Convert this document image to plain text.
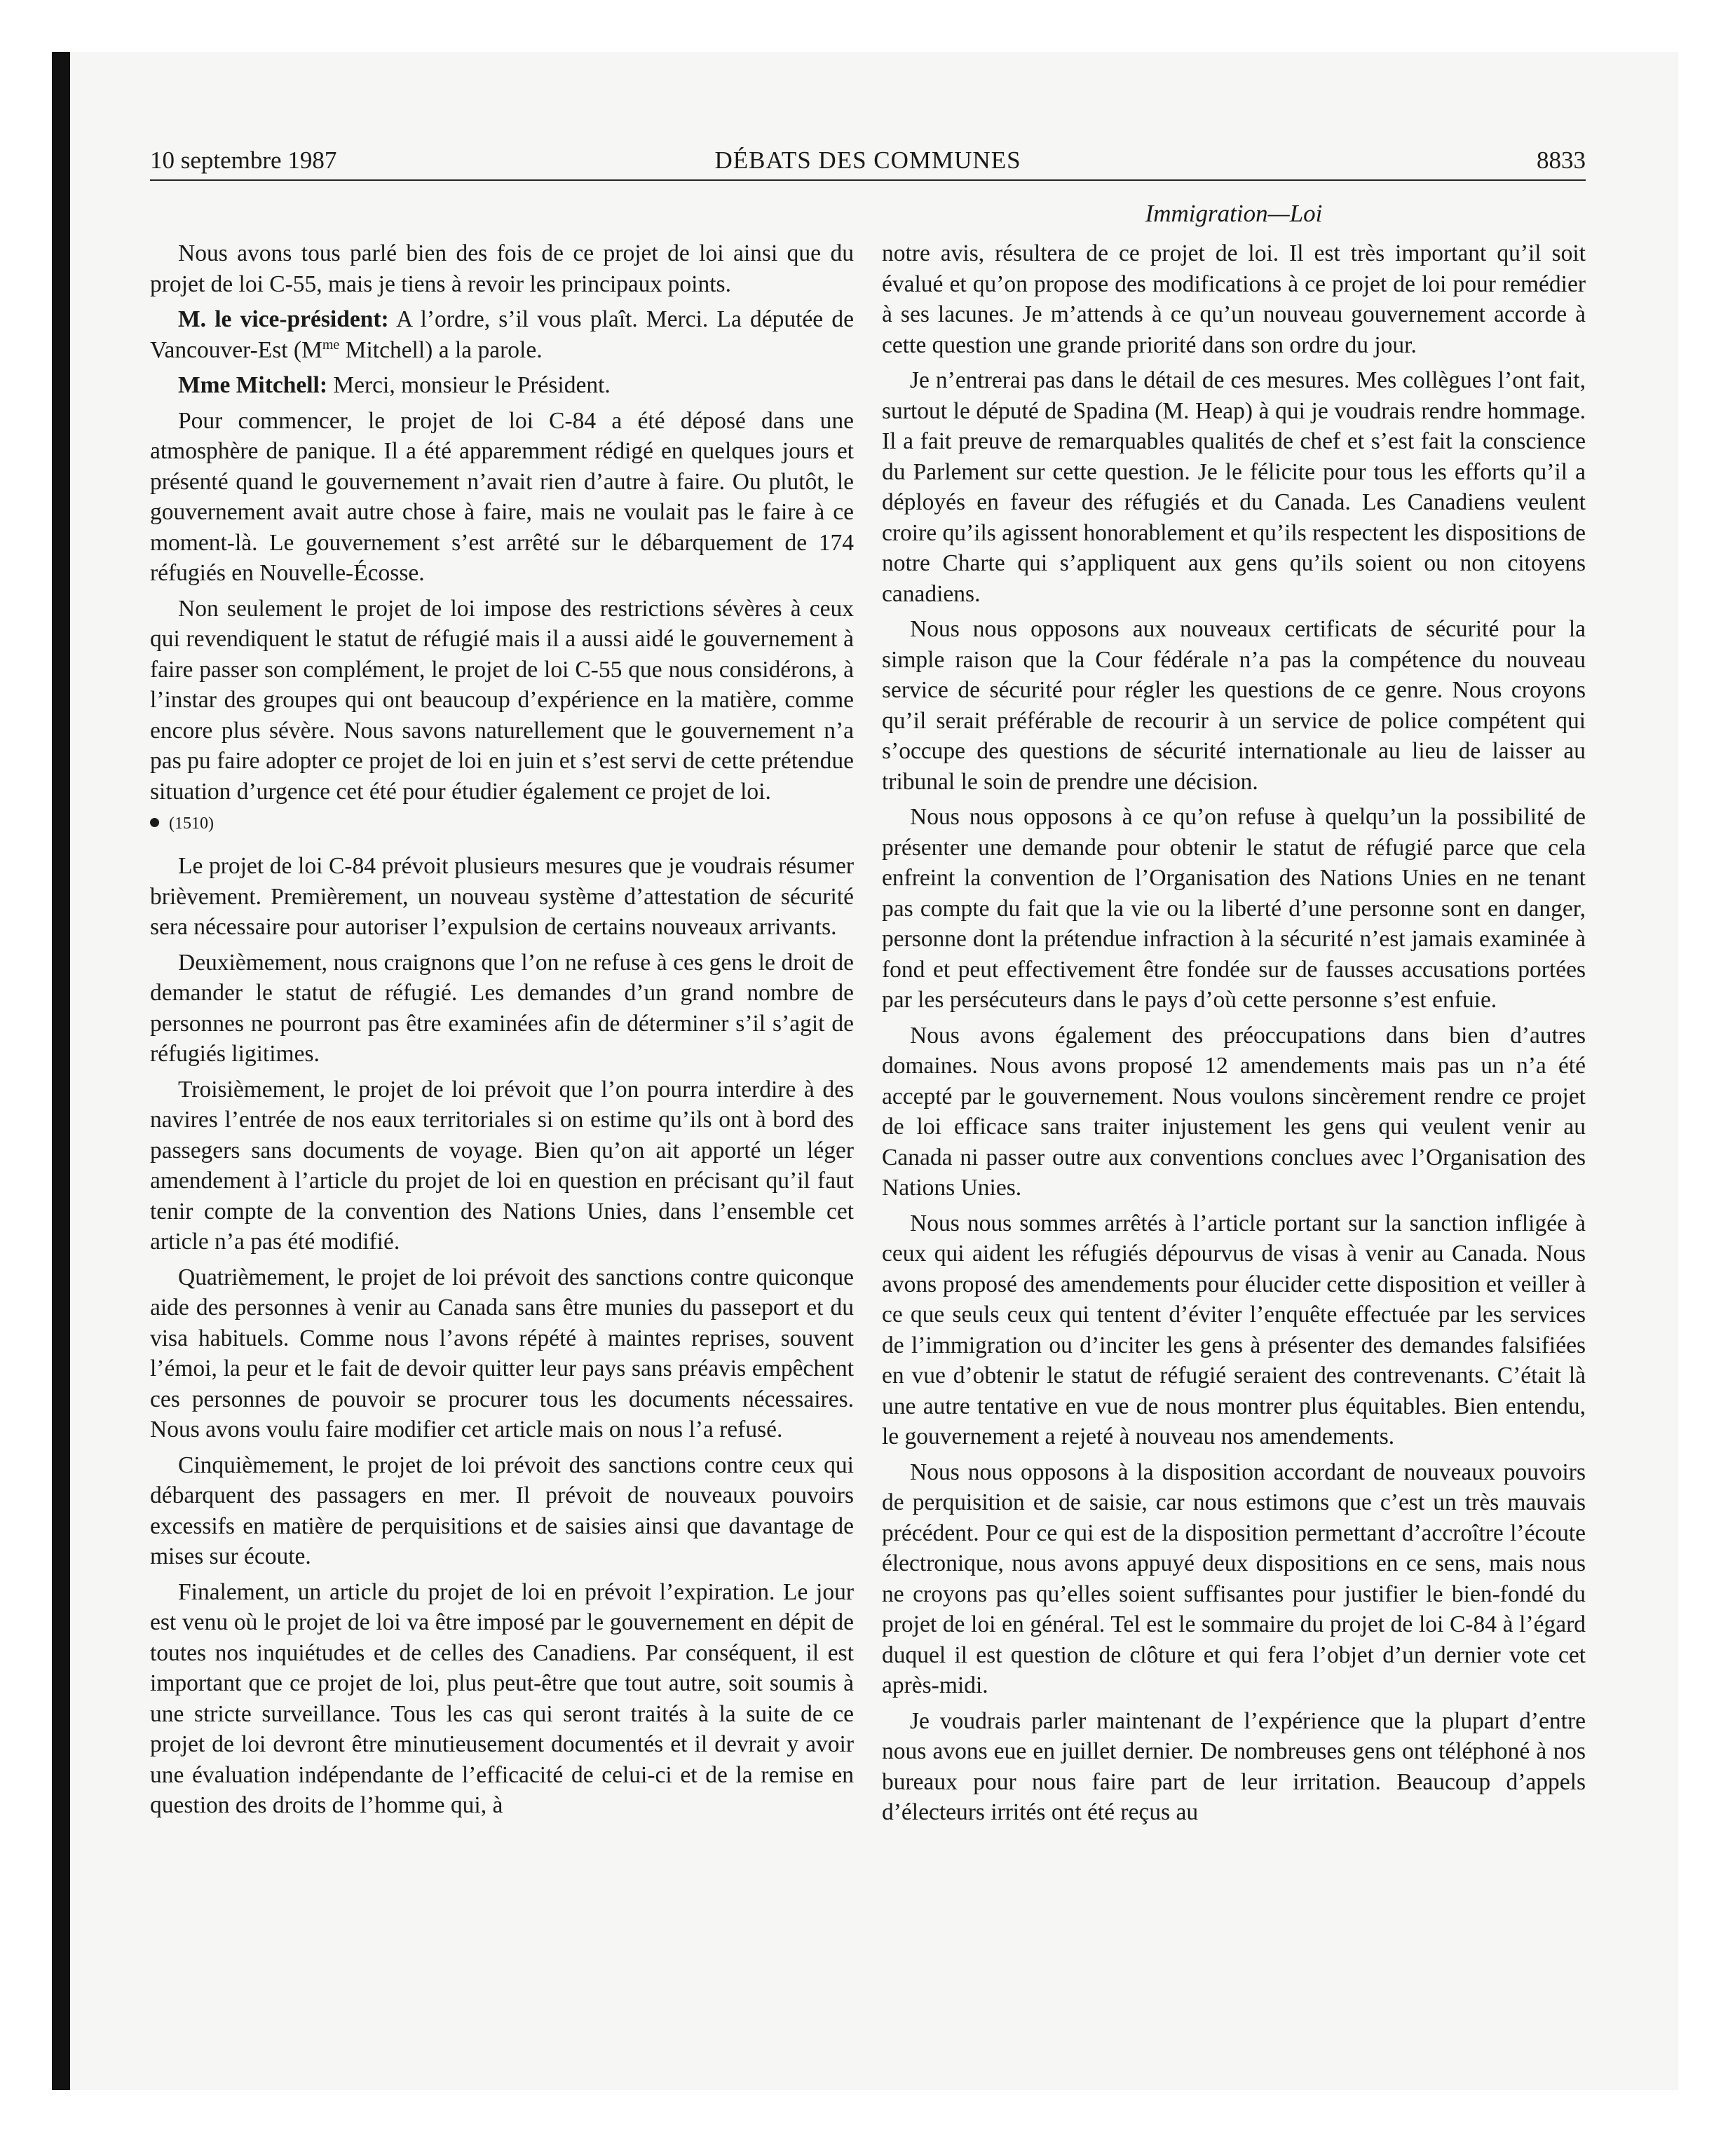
10 septembre 1987	DÉBATS DES COMMUNES	8833
Immigration—Loi

Nous avons tous parlé bien des fois de ce projet de loi ainsi que du projet de loi C-55, mais je tiens à revoir les principaux points.

M. le vice-président: A l’ordre, s’il vous plaît. Merci. La députée de Vancouver-Est ($M^{me}$ Mitchell) a la parole.

Mme Mitchell: Merci, monsieur le Président.

Pour commencer, le projet de loi C-84 a été déposé dans une atmosphère de panique. Il a été apparemment rédigé en quelques jours et présenté quand le gouvernement n’avait rien d’autre à faire. Ou plutôt, le gouvernement avait autre chose à faire, mais ne voulait pas le faire à ce moment-là. Le gouvernement s’est arrêté sur le débarquement de 174 réfugiés en Nouvelle-Écosse.

Non seulement le projet de loi impose des restrictions sévères à ceux qui revendiquent le statut de réfugié mais il a aussi aidé le gouvernement à faire passer son complément, le projet de loi C-55 que nous considérons, à l’instar des groupes qui ont beaucoup d’expérience en la matière, comme encore plus sévère. Nous savons naturellement que le gouvernement n’a pas pu faire adopter ce projet de loi en juin et s’est servi de cette prétendue situation d’urgence cet été pour étudier également ce projet de loi.

(1510)

Le projet de loi C-84 prévoit plusieurs mesures que je voudrais résumer brièvement. Premièrement, un nouveau système d’attestation de sécurité sera nécessaire pour autoriser l’expulsion de certains nouveaux arrivants.

Deuxièmement, nous craignons que l’on ne refuse à ces gens le droit de demander le statut de réfugié. Les demandes d’un grand nombre de personnes ne pourront pas être examinées afin de déterminer s’il s’agit de réfugiés ligitimes.

Troisièmement, le projet de loi prévoit que l’on pourra interdire à des navires l’entrée de nos eaux territoriales si on estime qu’ils ont à bord des passegers sans documents de voyage. Bien qu’on ait apporté un léger amendement à l’article du projet de loi en question en précisant qu’il faut tenir compte de la convention des Nations Unies, dans l’ensemble cet article n’a pas été modifié.

Quatrièmement, le projet de loi prévoit des sanctions contre quiconque aide des personnes à venir au Canada sans être munies du passeport et du visa habituels. Comme nous l’avons répété à maintes reprises, souvent l’émoi, la peur et le fait de devoir quitter leur pays sans préavis empêchent ces personnes de pouvoir se procurer tous les documents nécessaires. Nous avons voulu faire modifier cet article mais on nous l’a refusé.

Cinquièmement, le projet de loi prévoit des sanctions contre ceux qui débarquent des passagers en mer. Il prévoit de nouveaux pouvoirs excessifs en matière de perquisitions et de saisies ainsi que davantage de mises sur écoute.

Finalement, un article du projet de loi en prévoit l’expiration. Le jour est venu où le projet de loi va être imposé par le gouvernement en dépit de toutes nos inquiétudes et de celles des Canadiens. Par conséquent, il est important que ce projet de loi, plus peut-être que tout autre, soit soumis à une stricte surveillance. Tous les cas qui seront traités à la suite de ce projet de loi devront être minutieusement documentés et il devrait y avoir une évaluation indépendante de l’efficacité de celui-ci et de la remise en question des droits de l’homme qui, à

notre avis, résultera de ce projet de loi. Il est très important qu’il soit évalué et qu’on propose des modifications à ce projet de loi pour remédier à ses lacunes. Je m’attends à ce qu’un nouveau gouvernement accorde à cette question une grande priorité dans son ordre du jour.

Je n’entrerai pas dans le détail de ces mesures. Mes collègues l’ont fait, surtout le député de Spadina (M. Heap) à qui je voudrais rendre hommage. Il a fait preuve de remarquables qualités de chef et s’est fait la conscience du Parlement sur cette question. Je le félicite pour tous les efforts qu’il a déployés en faveur des réfugiés et du Canada. Les Canadiens veulent croire qu’ils agissent honorablement et qu’ils respectent les dispositions de notre Charte qui s’appliquent aux gens qu’ils soient ou non citoyens canadiens.

Nous nous opposons aux nouveaux certificats de sécurité pour la simple raison que la Cour fédérale n’a pas la compétence du nouveau service de sécurité pour régler les questions de ce genre. Nous croyons qu’il serait préférable de recourir à un service de police compétent qui s’occupe des questions de sécurité internationale au lieu de laisser au tribunal le soin de prendre une décision.

Nous nous opposons à ce qu’on refuse à quelqu’un la possibilité de présenter une demande pour obtenir le statut de réfugié parce que cela enfreint la convention de l’Organisation des Nations Unies en ne tenant pas compte du fait que la vie ou la liberté d’une personne sont en danger, personne dont la prétendue infraction à la sécurité n’est jamais examinée à fond et peut effectivement être fondée sur de fausses accusations portées par les persécuteurs dans le pays d’où cette personne s’est enfuie.

Nous avons également des préoccupations dans bien d’autres domaines. Nous avons proposé 12 amendements mais pas un n’a été accepté par le gouvernement. Nous voulons sincèrement rendre ce projet de loi efficace sans traiter injustement les gens qui veulent venir au Canada ni passer outre aux conventions conclues avec l’Organisation des Nations Unies.

Nous nous sommes arrêtés à l’article portant sur la sanction infligée à ceux qui aident les réfugiés dépourvus de visas à venir au Canada. Nous avons proposé des amendements pour élucider cette disposition et veiller à ce que seuls ceux qui tentent d’éviter l’enquête effectuée par les services de l’immigration ou d’inciter les gens à présenter des demandes falsifiées en vue d’obtenir le statut de réfugié seraient des contrevenants. C’était là une autre tentative en vue de nous montrer plus équitables. Bien entendu, le gouvernement a rejeté à nouveau nos amendements.

Nous nous opposons à la disposition accordant de nouveaux pouvoirs de perquisition et de saisie, car nous estimons que c’est un très mauvais précédent. Pour ce qui est de la disposition permettant d’accroître l’écoute électronique, nous avons appuyé deux dispositions en ce sens, mais nous ne croyons pas qu’elles soient suffisantes pour justifier le bien-fondé du projet de loi en général. Tel est le sommaire du projet de loi C-84 à l’égard duquel il est question de clôture et qui fera l’objet d’un dernier vote cet après-midi.

Je voudrais parler maintenant de l’expérience que la plupart d’entre nous avons eue en juillet dernier. De nombreuses gens ont téléphoné à nos bureaux pour nous faire part de leur irritation. Beaucoup d’appels d’électeurs irrités ont été reçus au
